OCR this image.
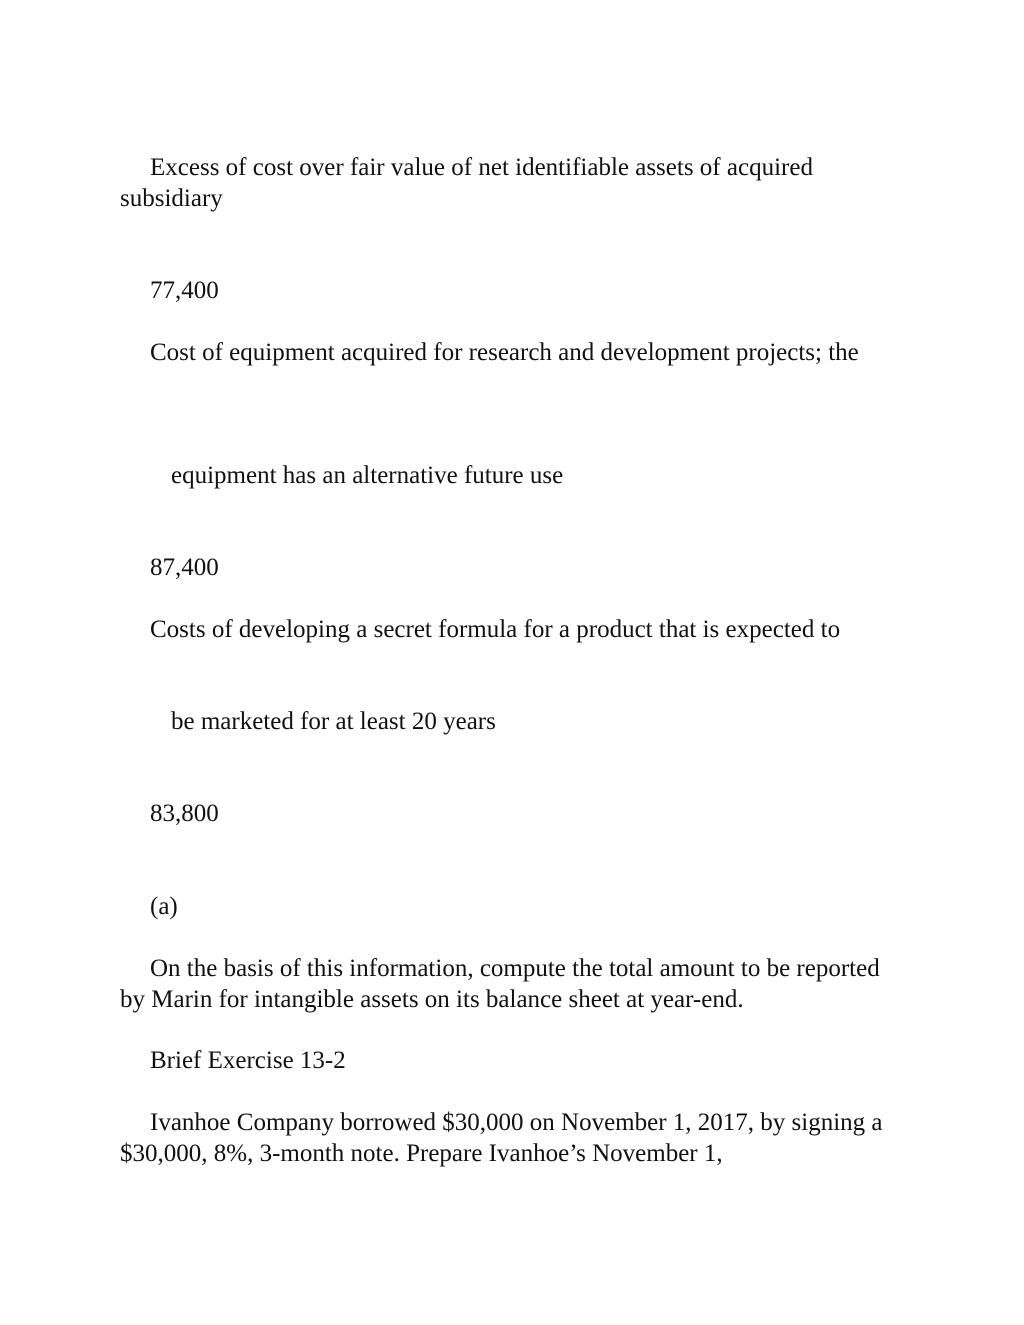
Excess of cost over fair value of net identifiable assets of acquired subsidiary

77,400

Cost of equipment acquired for research and development projects; the

equipment has an alternative future use

87,400

Costs of developing a secret formula for a product that is expected to

be marketed for at least 20 years

83,800

(a)

On the basis of this information, compute the total amount to be reported by Marin for intangible assets on its balance sheet at year-end.

Brief Exercise 13-2

Ivanhoe Company borrowed $30,000 on November 1, 2017, by signing a $30,000, 8%, 3-month note. Prepare Ivanhoe’s November 1,
